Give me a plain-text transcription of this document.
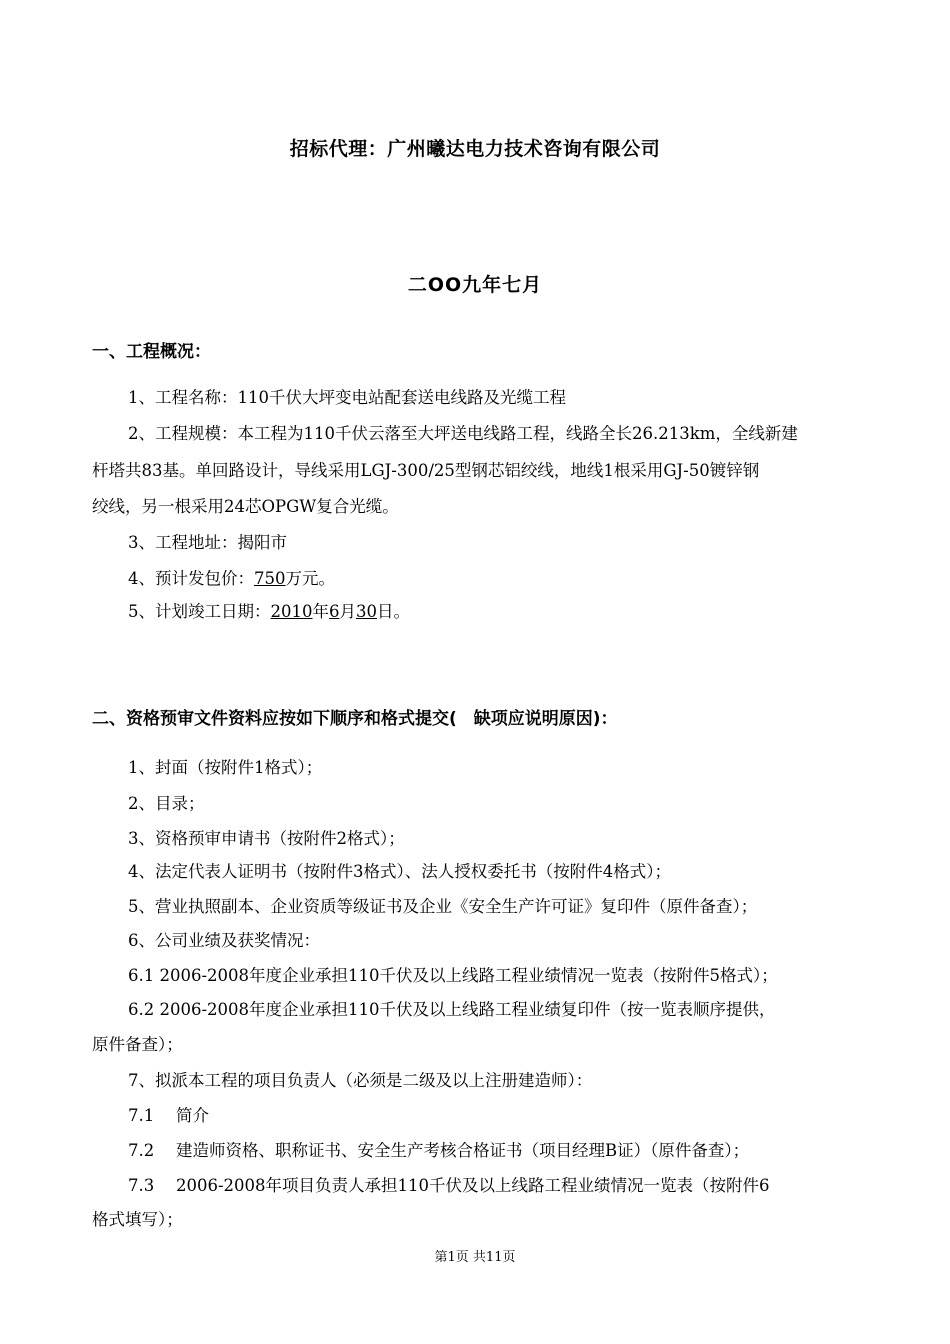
招标代理：广州曦达电力技术咨询有限公司
二OO九年七月
一、工程概况：
1、工程名称：110千伏大坪变电站配套送电线路及光缆工程
2、工程规模：本工程为110千伏云落至大坪送电线路工程，线路全长26.213km，全线新建
杆塔共83基。单回路设计，导线采用LGJ-300/25型钢芯铝绞线，地线1根采用GJ-50镀锌钢
绞线，另一根采用24芯OPGW复合光缆。
3、工程地址：揭阳市
4、预计发包价：750万元。
5、计划竣工日期：2010年6月30日。
二、资格预审文件资料应按如下顺序和格式提交(　缺项应说明原因)：
1、封面（按附件1格式）；
2、目录；
3、资格预审申请书（按附件2格式）；
4、法定代表人证明书（按附件3格式）、法人授权委托书（按附件4格式）；
5、营业执照副本、企业资质等级证书及企业《安全生产许可证》复印件（原件备查）；
6、公司业绩及获奖情况：
6.1 2006-2008年度企业承担110千伏及以上线路工程业绩情况一览表（按附件5格式）；
6.2 2006-2008年度企业承担110千伏及以上线路工程业绩复印件（按一览表顺序提供，
原件备查）；
7、拟派本工程的项目负责人（必须是二级及以上注册建造师）：
7.1　 简介
7.2　 建造师资格、职称证书、安全生产考核合格证书（项目经理B证）（原件备查）；
7.3　 2006-2008年项目负责人承担110千伏及以上线路工程业绩情况一览表（按附件6
格式填写）；
第1页 共11页
